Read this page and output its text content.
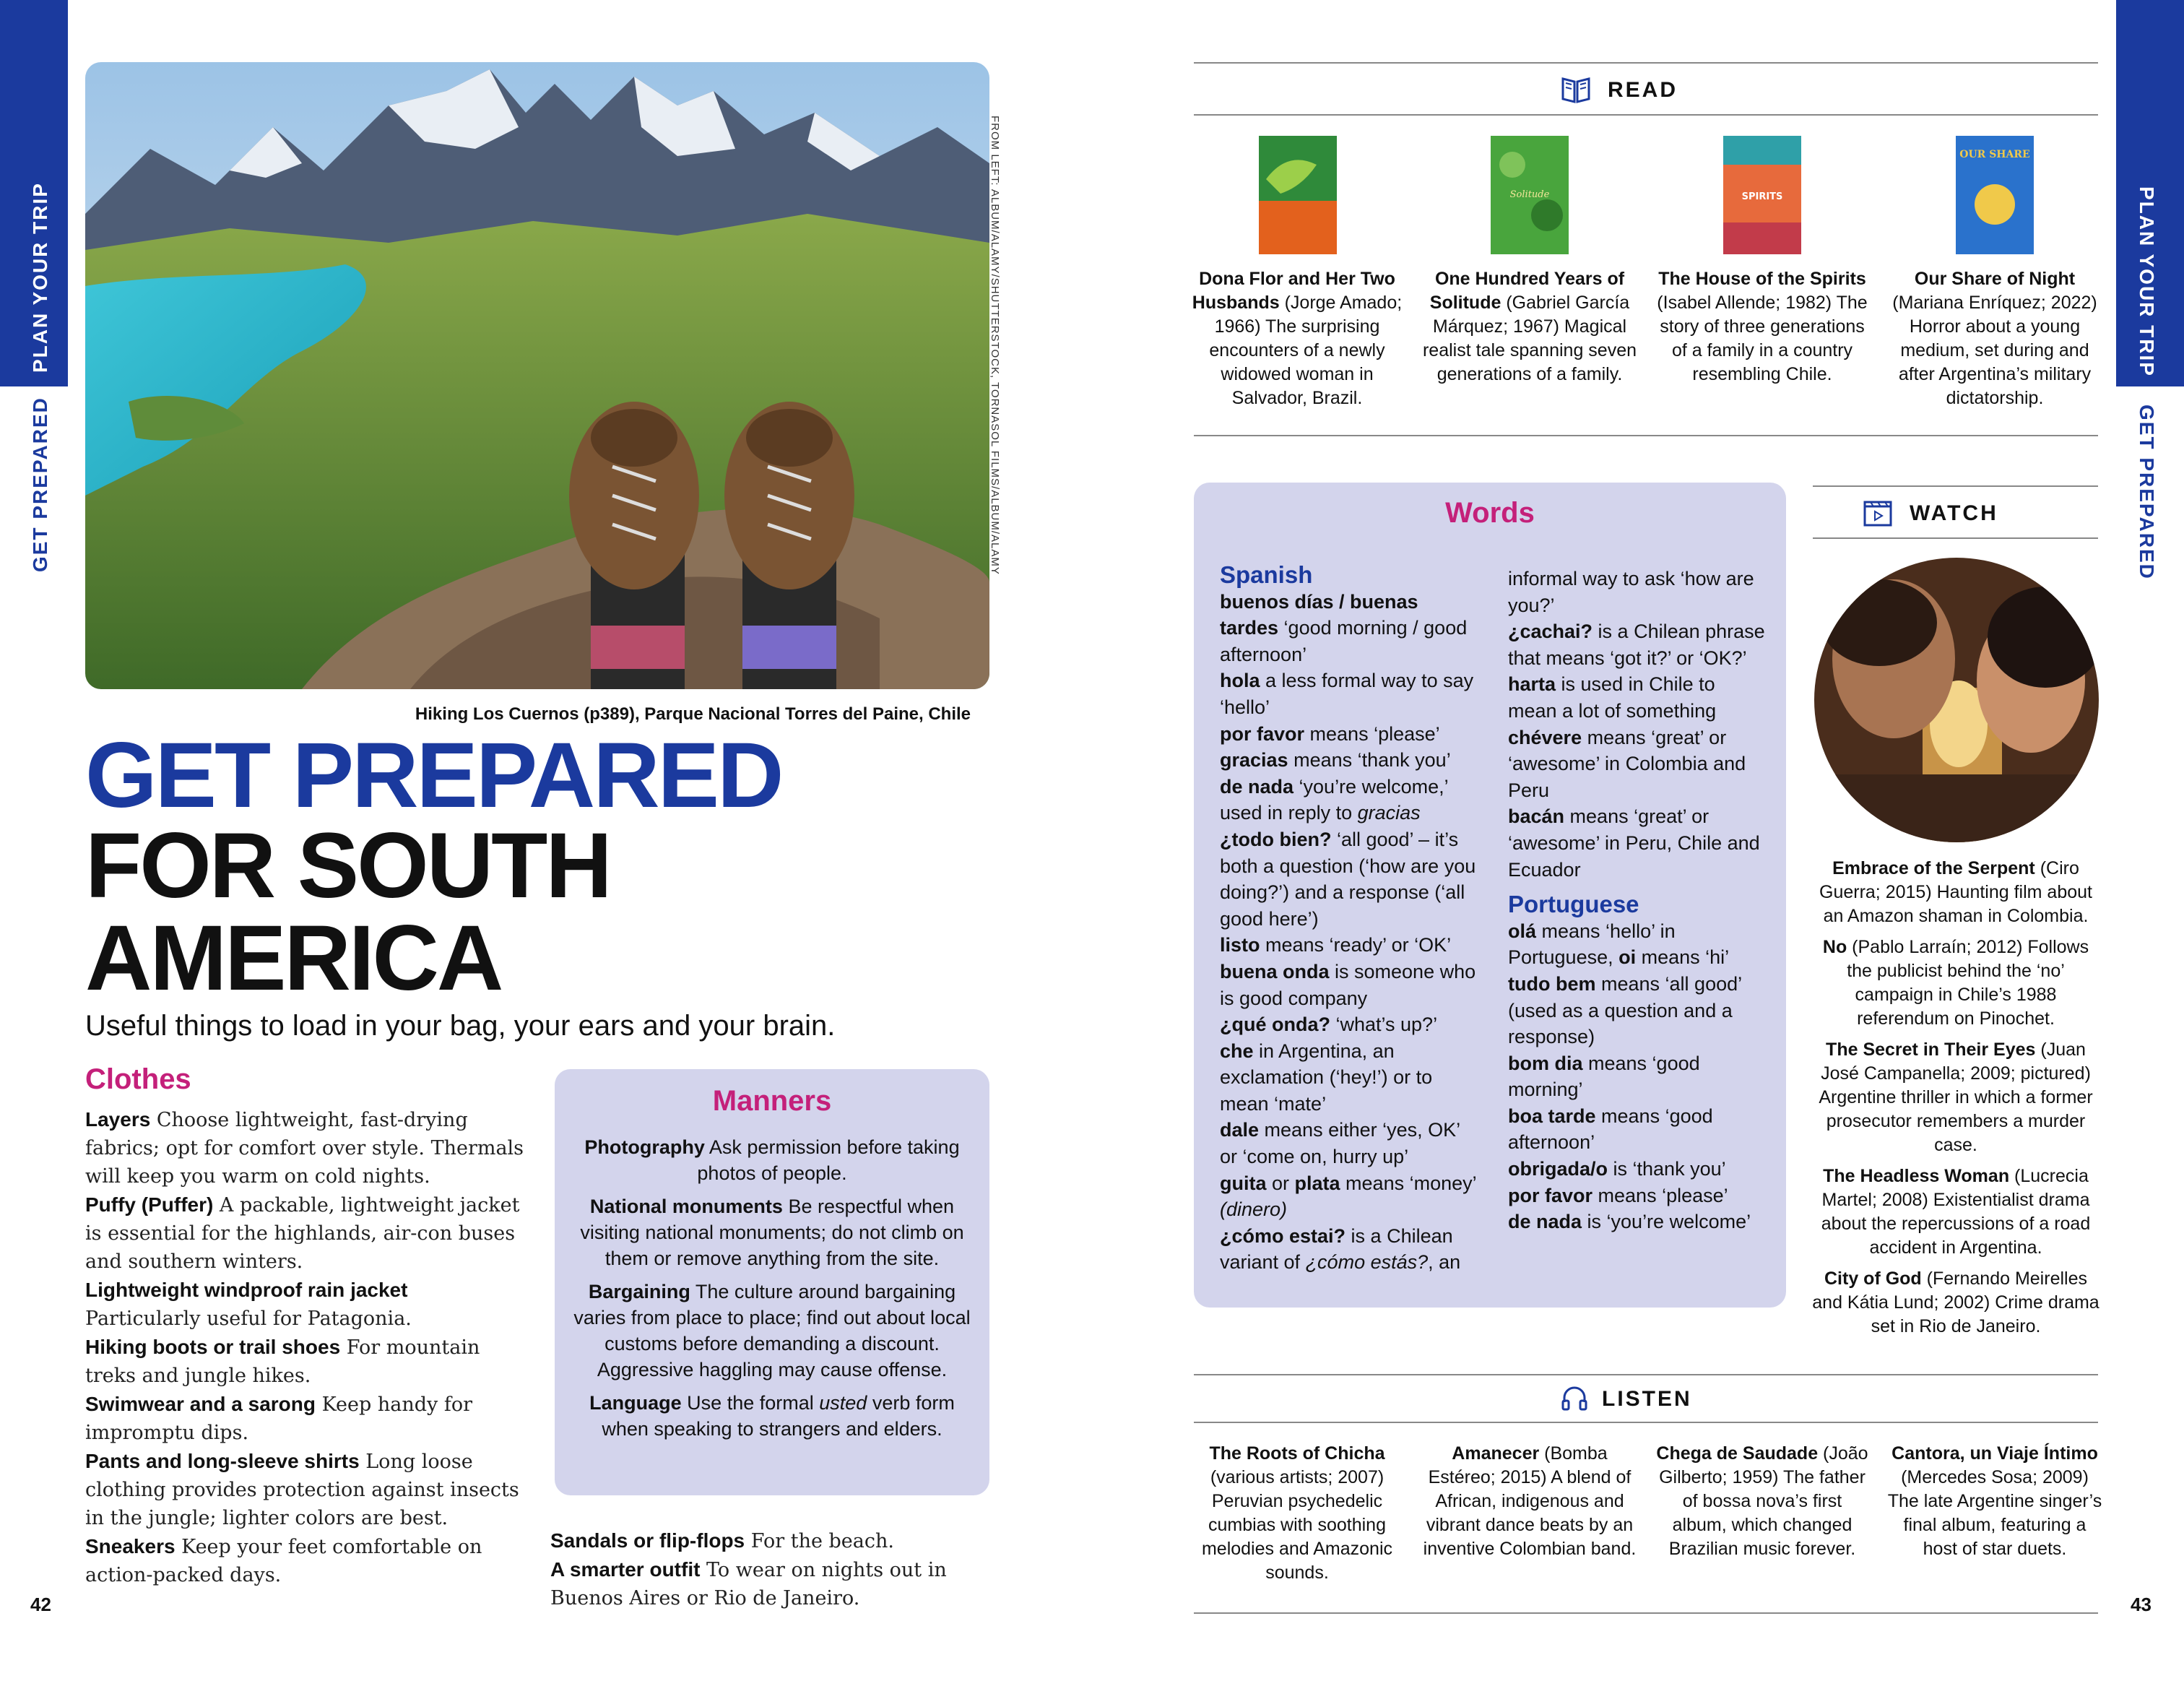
PLAN YOUR TRIP
GET PREPARED	FROM LEFT: ALBUM/ALAMY/SHUTTERSTOCK, TORNASOL FILMS/ALBUM/ALAMY
Hiking Los Cuernos (p389), Parque Nacional Torres del Paine, Chile
GET PREPARED
FOR SOUTH
AMERICA
Useful things to load in your bag, your ears and your brain.
Clothes

Layers Choose lightweight, fast-drying fabrics; opt for comfort over style. Thermals will keep you warm on cold nights.

Puffy (Puffer) A packable, lightweight jacket is essential for the highlands, air-con buses and southern winters.

Lightweight windproof rain jacket Particularly useful for Patagonia.

Hiking boots or trail shoes For mountain treks and jungle hikes.

Swimwear and a sarong Keep handy for impromptu dips.

Pants and long-sleeve shirts Long loose clothing provides protection against insects in the jungle; lighter colors are best.

Sneakers Keep your feet comfortable on action-packed days.

Manners

Photography Ask permission before taking photos of people.

National monuments Be respectful when visiting national monuments; do not climb on them or remove anything from the site.

Bargaining The culture around bargaining varies from place to place; find out about local customs before demanding a discount. Aggressive haggling may cause offense.

Language Use the formal usted verb form when speaking to strangers and elders.

Sandals or flip-flops For the beach.

A smarter outfit To wear on nights out in Buenos Aires or Rio de Janeiro.

42
PLAN YOUR TRIP
GET PREPARED
READ
Solitude	SPIRITS
OUR SHARE
Dona Flor and Her Two Husbands (Jorge Amado; 1966) The surprising encounters of a newly widowed woman in Salvador, Brazil.
One Hundred Years of Solitude (Gabriel García Márquez; 1967) Magical realist tale spanning seven generations of a family.
The House of the Spirits (Isabel Allende; 1982) The story of three generations of a family in a country resembling Chile.
Our Share of Night (Mariana Enríquez; 2022) Horror about a young medium, set during and after Argentina’s military dictatorship.
Words

Spanish

buenos días / buenas tardes ‘good morning / good afternoon’

hola a less formal way to say ‘hello’

por favor means ‘please’

gracias means ‘thank you’

de nada ‘you’re welcome,’ used in reply to gracias

¿todo bien? ‘all good’ – it’s both a question (‘how are you doing?’) and a response (‘all good here’)

listo means ‘ready’ or ‘OK’

buena onda is someone who is good company

¿qué onda? ‘what’s up?’

che in Argentina, an exclamation (‘hey!’) or to mean ‘mate’

dale means either ‘yes, OK’ or ‘come on, hurry up’

guita or plata means ‘money’ (dinero)

¿cómo estai? is a Chilean variant of ¿cómo estás?, an

informal way to ask ‘how are you?’

¿cachai? is a Chilean phrase that means ‘got it?’ or ‘OK?’

harta is used in Chile to mean a lot of something

chévere means ‘great’ or ‘awesome’ in Colombia and Peru

bacán means ‘great’ or ‘awesome’ in Peru, Chile and Ecuador

Portuguese

olá means ‘hello’ in Portuguese, oi means ‘hi’

tudo bem means ‘all good’ (used as a question and a response)

bom dia means ‘good morning’

boa tarde means ‘good afternoon’

obrigada/o is ‘thank you’

por favor means ‘please’

de nada is ‘you’re welcome’

WATCH

Embrace of the Serpent (Ciro Guerra; 2015) Haunting film about an Amazon shaman in Colombia.

No (Pablo Larraín; 2012) Follows the publicist behind the ‘no’ campaign in Chile’s 1988 referendum on Pinochet.

The Secret in Their Eyes (Juan José Campanella; 2009; pictured) Argentine thriller in which a former prosecutor remembers a murder case.

The Headless Woman (Lucrecia Martel; 2008) Existentialist drama about the repercussions of a road accident in Argentina.

City of God (Fernando Meirelles and Kátia Lund; 2002) Crime drama set in Rio de Janeiro.

LISTEN
The Roots of Chicha (various artists; 2007) Peruvian psychedelic cumbias with soothing melodies and Amazonic sounds.
Amanecer (Bomba Estéreo; 2015) A blend of African, indigenous and vibrant dance beats by an inventive Colombian band.
Chega de Saudade (João Gilberto; 1959) The father of bossa nova’s first album, which changed Brazilian music forever.
Cantora, un Viaje Íntimo (Mercedes Sosa; 2009) The late Argentine singer’s final album, featuring a host of star duets.
43
